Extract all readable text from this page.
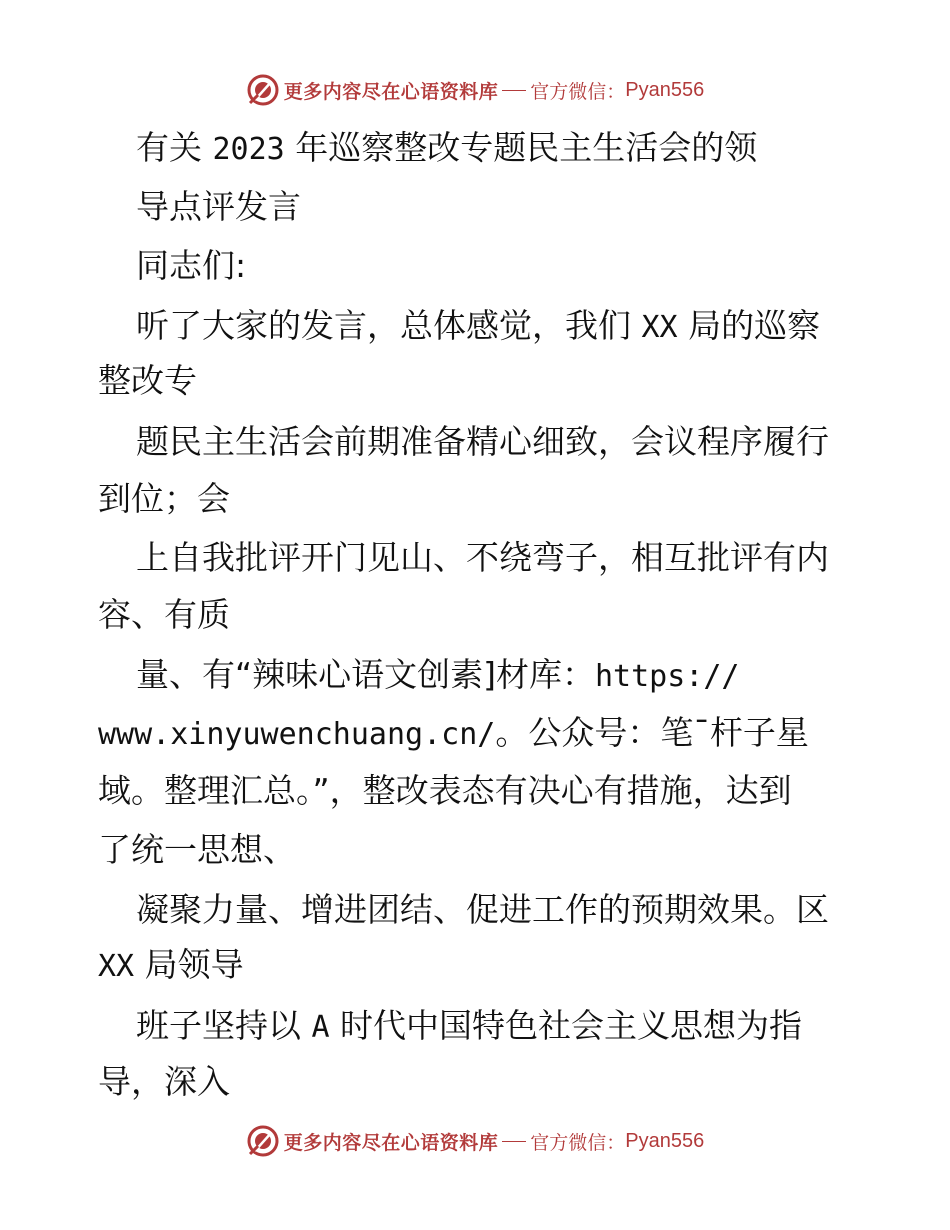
更多内容尽在心语资料库 官方微信： Pyan556
有关 2023 年巡察整改专题民主生活会的领
导点评发言
同志们:
听了大家的发言，总体感觉，我们 XX 局的巡察
整改专
题民主生活会前期准备精心细致，会议程序履行
到位；会
上自我批评开门见山、不绕弯子，相互批评有内
容、有质
量、有“辣味心语文创素]材库：https://
www.xinyuwenchuang.cn/。公众号：笔¯杆子星
域。整理汇总。”，整改表态有决心有措施，达到
了统一思想、
凝聚力量、增进团结、促进工作的预期效果。区
XX 局领导
班子坚持以 A 时代中国特色社会主义思想为指
导，深入
更多内容尽在心语资料库 官方微信： Pyan556
